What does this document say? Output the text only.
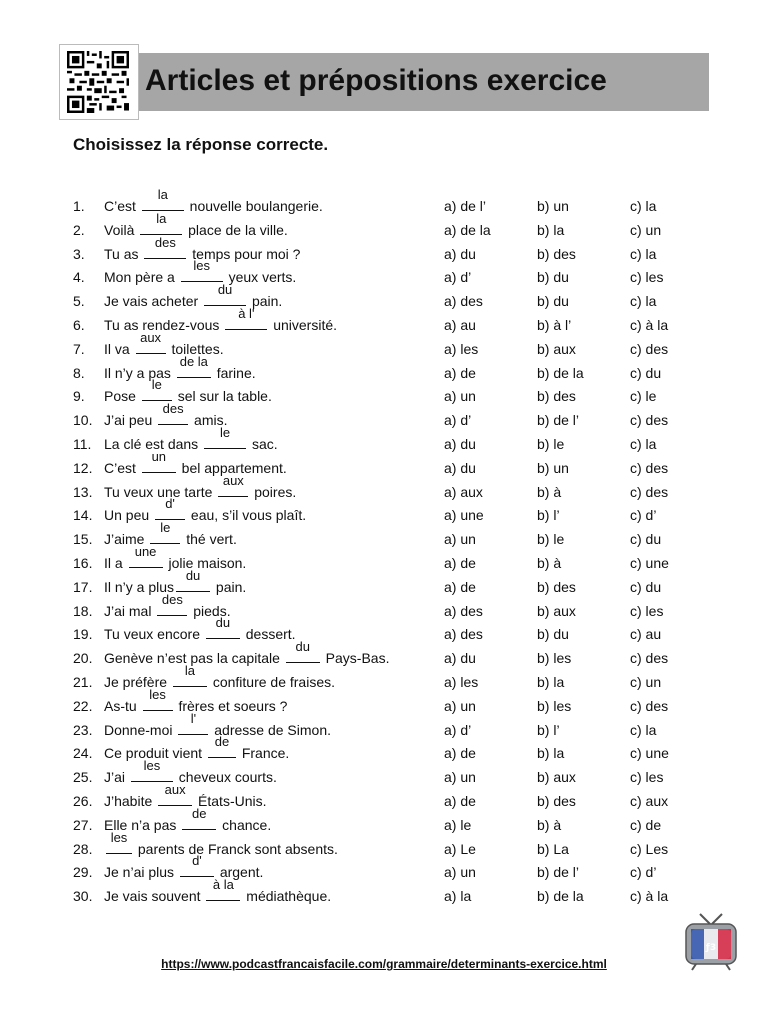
Articles et prépositions exercice
Choisissez la réponse correcte.
1. C’est
la
nouvelle boulangerie.	a) de l’	b) un	c) la
2. Voilà
la
place de la ville.	a) de la	b) la	c) un
3. Tu as
des
temps pour moi ?	a) du	b) des	c) la
4. Mon père a
les
yeux verts.	a) d’	b) du	c) les
5. Je vais acheter
du
pain.	a) des	b) du	c) la
6. Tu as rendez-vous
à l'
université.	a) au	b) à l’	c) à la
7. Il va
aux
toilettes.	a) les	b) aux	c) des
8. Il n’y a pas
de la
farine.	a) de	b) de la	c) du
9. Pose
le
sel sur la table.	a) un	b) des	c) le
10. J’ai peu
des
amis.	a) d’	b) de l’	c) des
11. La clé est dans
le
sac.	a) du	b) le	c) la
12. C’est
un
bel appartement.	a) du	b) un	c) des
13. Tu veux une tarte
aux
poires.	a) aux	b) à	c) des
14. Un peu
d'
eau, s’il vous plaît.	a) une	b) l’	c) d’
15. J’aime
le
thé vert.	a) un	b) le	c) du
16. Il a
une
jolie maison.	a) de	b) à	c) une
17. Il n’y a plus
du
pain.	a) de	b) des	c) du
18. J’ai mal
des
pieds.	a) des	b) aux	c) les
19. Tu veux encore
du
dessert.	a) des	b) du	c) au
20. Genève n’est pas la capitale
du
Pays-Bas.	a) du	b) les	c) des
21. Je préfère
la
confiture de fraises.	a) les	b) la	c) un
22. As-tu
les
frères et soeurs ?	a) un	b) les	c) des
23. Donne-moi
l'
adresse de Simon.	a) d’	b) l’	c) la
24. Ce produit vient
de
France.	a) de	b) la	c) une
25. J’ai
les
cheveux courts.	a) un	b) aux	c) les
26. J’habite
aux
États-Unis.	a) de	b) des	c) aux
27. Elle n’a pas
de
chance.	a) le	b) à	c) de
28.
les
parents de Franck sont absents.	a) Le	b) La	c) Les
29. Je n’ai plus
d'
argent.	a) un	b) de l’	c) d’
30. Je vais souvent
à la
médiathèque.	a) la	b) de la	c) à la
https://www.podcastfrancaisfacile.com/grammaire/determinants-exercice.html
ƒ3
